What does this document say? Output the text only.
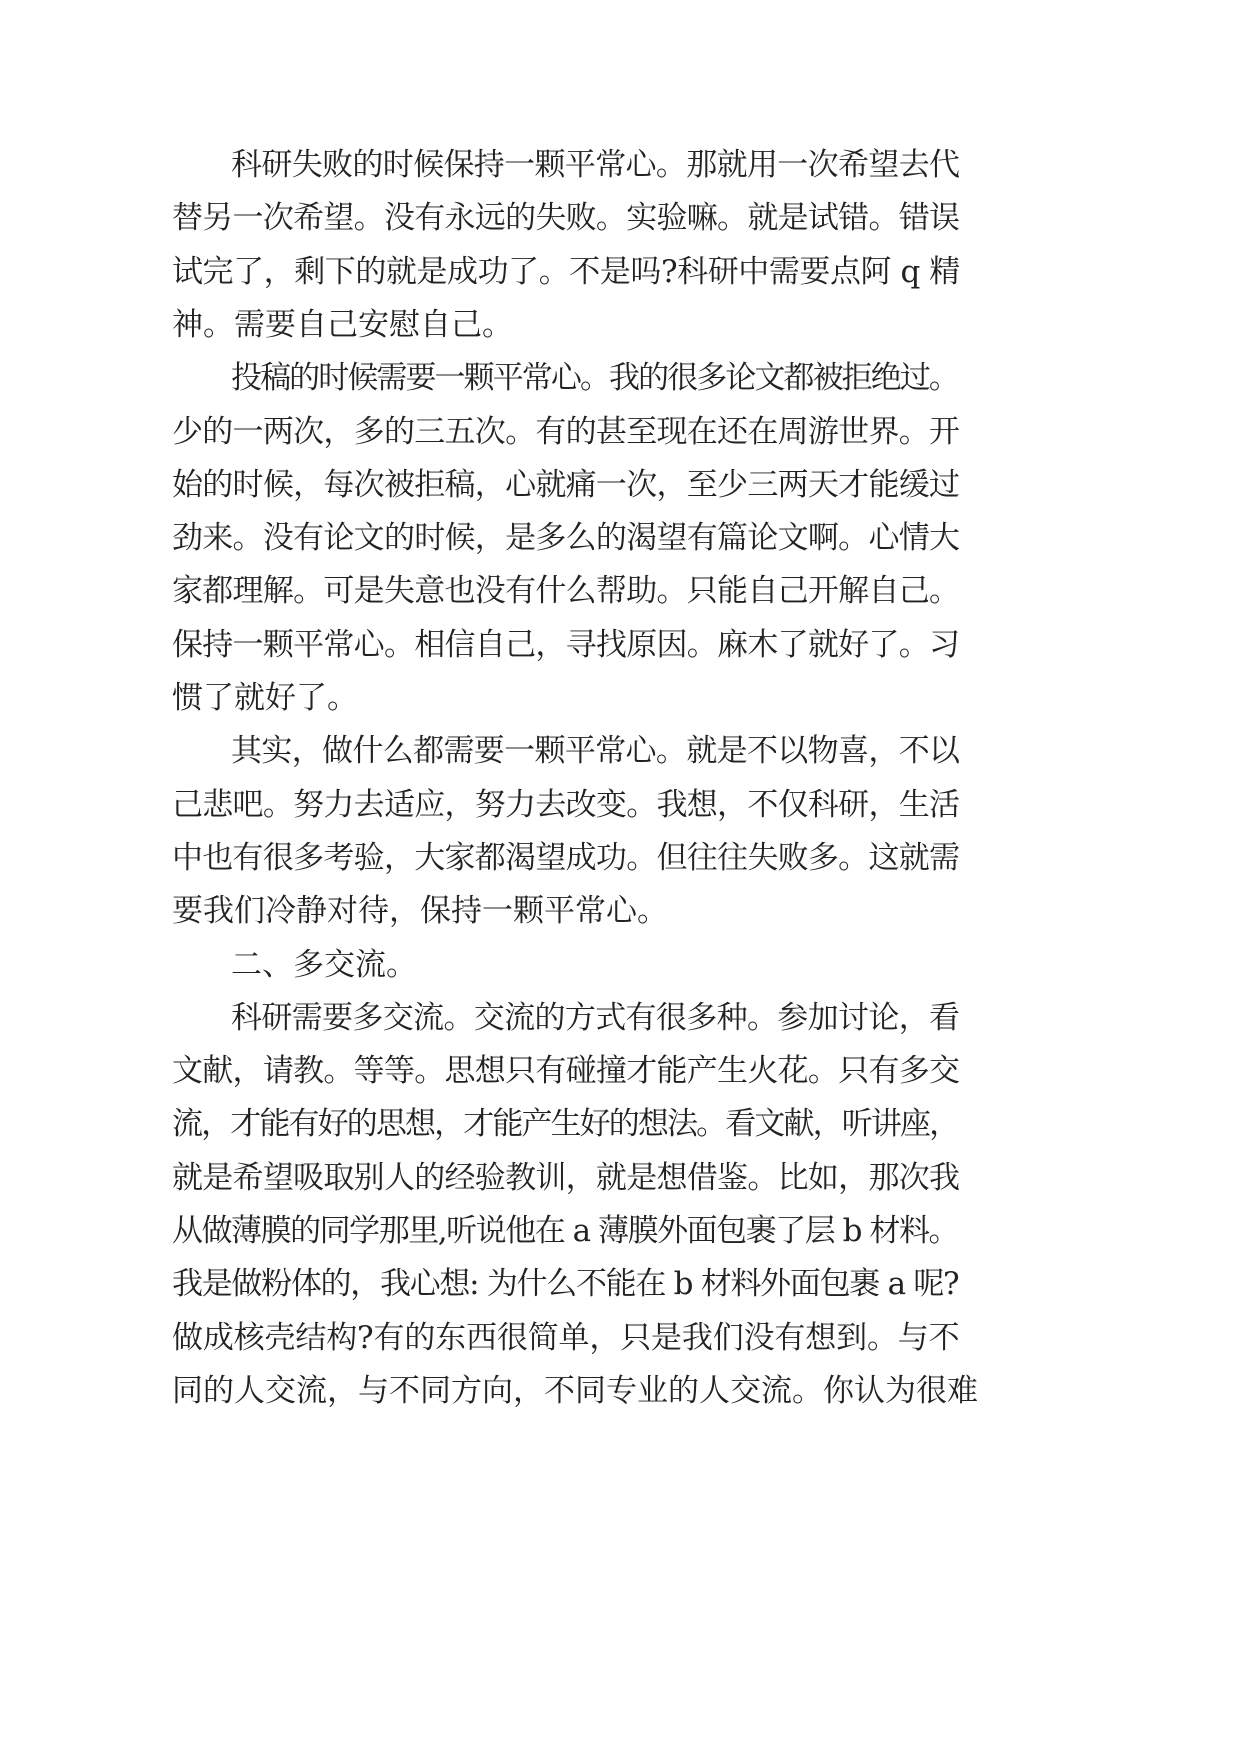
科研失败的时候保持一颗平常心。那就用一次希望去代
替另一次希望。没有永远的失败。实验嘛。就是试错。错误
试完了，剩下的就是成功了。不是吗?科研中需要点阿 q 精
神。需要自己安慰自己。
投稿的时候需要一颗平常心。我的很多论文都被拒绝过。
少的一两次，多的三五次。有的甚至现在还在周游世界。开
始的时候，每次被拒稿，心就痛一次，至少三两天才能缓过
劲来。没有论文的时候，是多么的渴望有篇论文啊。心情大
家都理解。可是失意也没有什么帮助。只能自己开解自己。
保持一颗平常心。相信自己，寻找原因。麻木了就好了。习
惯了就好了。
其实，做什么都需要一颗平常心。就是不以物喜，不以
己悲吧。努力去适应，努力去改变。我想，不仅科研，生活
中也有很多考验，大家都渴望成功。但往往失败多。这就需
要我们冷静对待，保持一颗平常心。
二、多交流。
科研需要多交流。交流的方式有很多种。参加讨论，看
文献，请教。等等。思想只有碰撞才能产生火花。只有多交
流，才能有好的思想，才能产生好的想法。看文献，听讲座，
就是希望吸取别人的经验教训，就是想借鉴。比如，那次我
从做薄膜的同学那里,听说他在 a 薄膜外面包裹了层 b 材料。
我是做粉体的，我心想: 为什么不能在 b 材料外面包裹 a 呢?
做成核壳结构?有的东西很简单，只是我们没有想到。与不
同的人交流，与不同方向，不同专业的人交流。你认为很难
